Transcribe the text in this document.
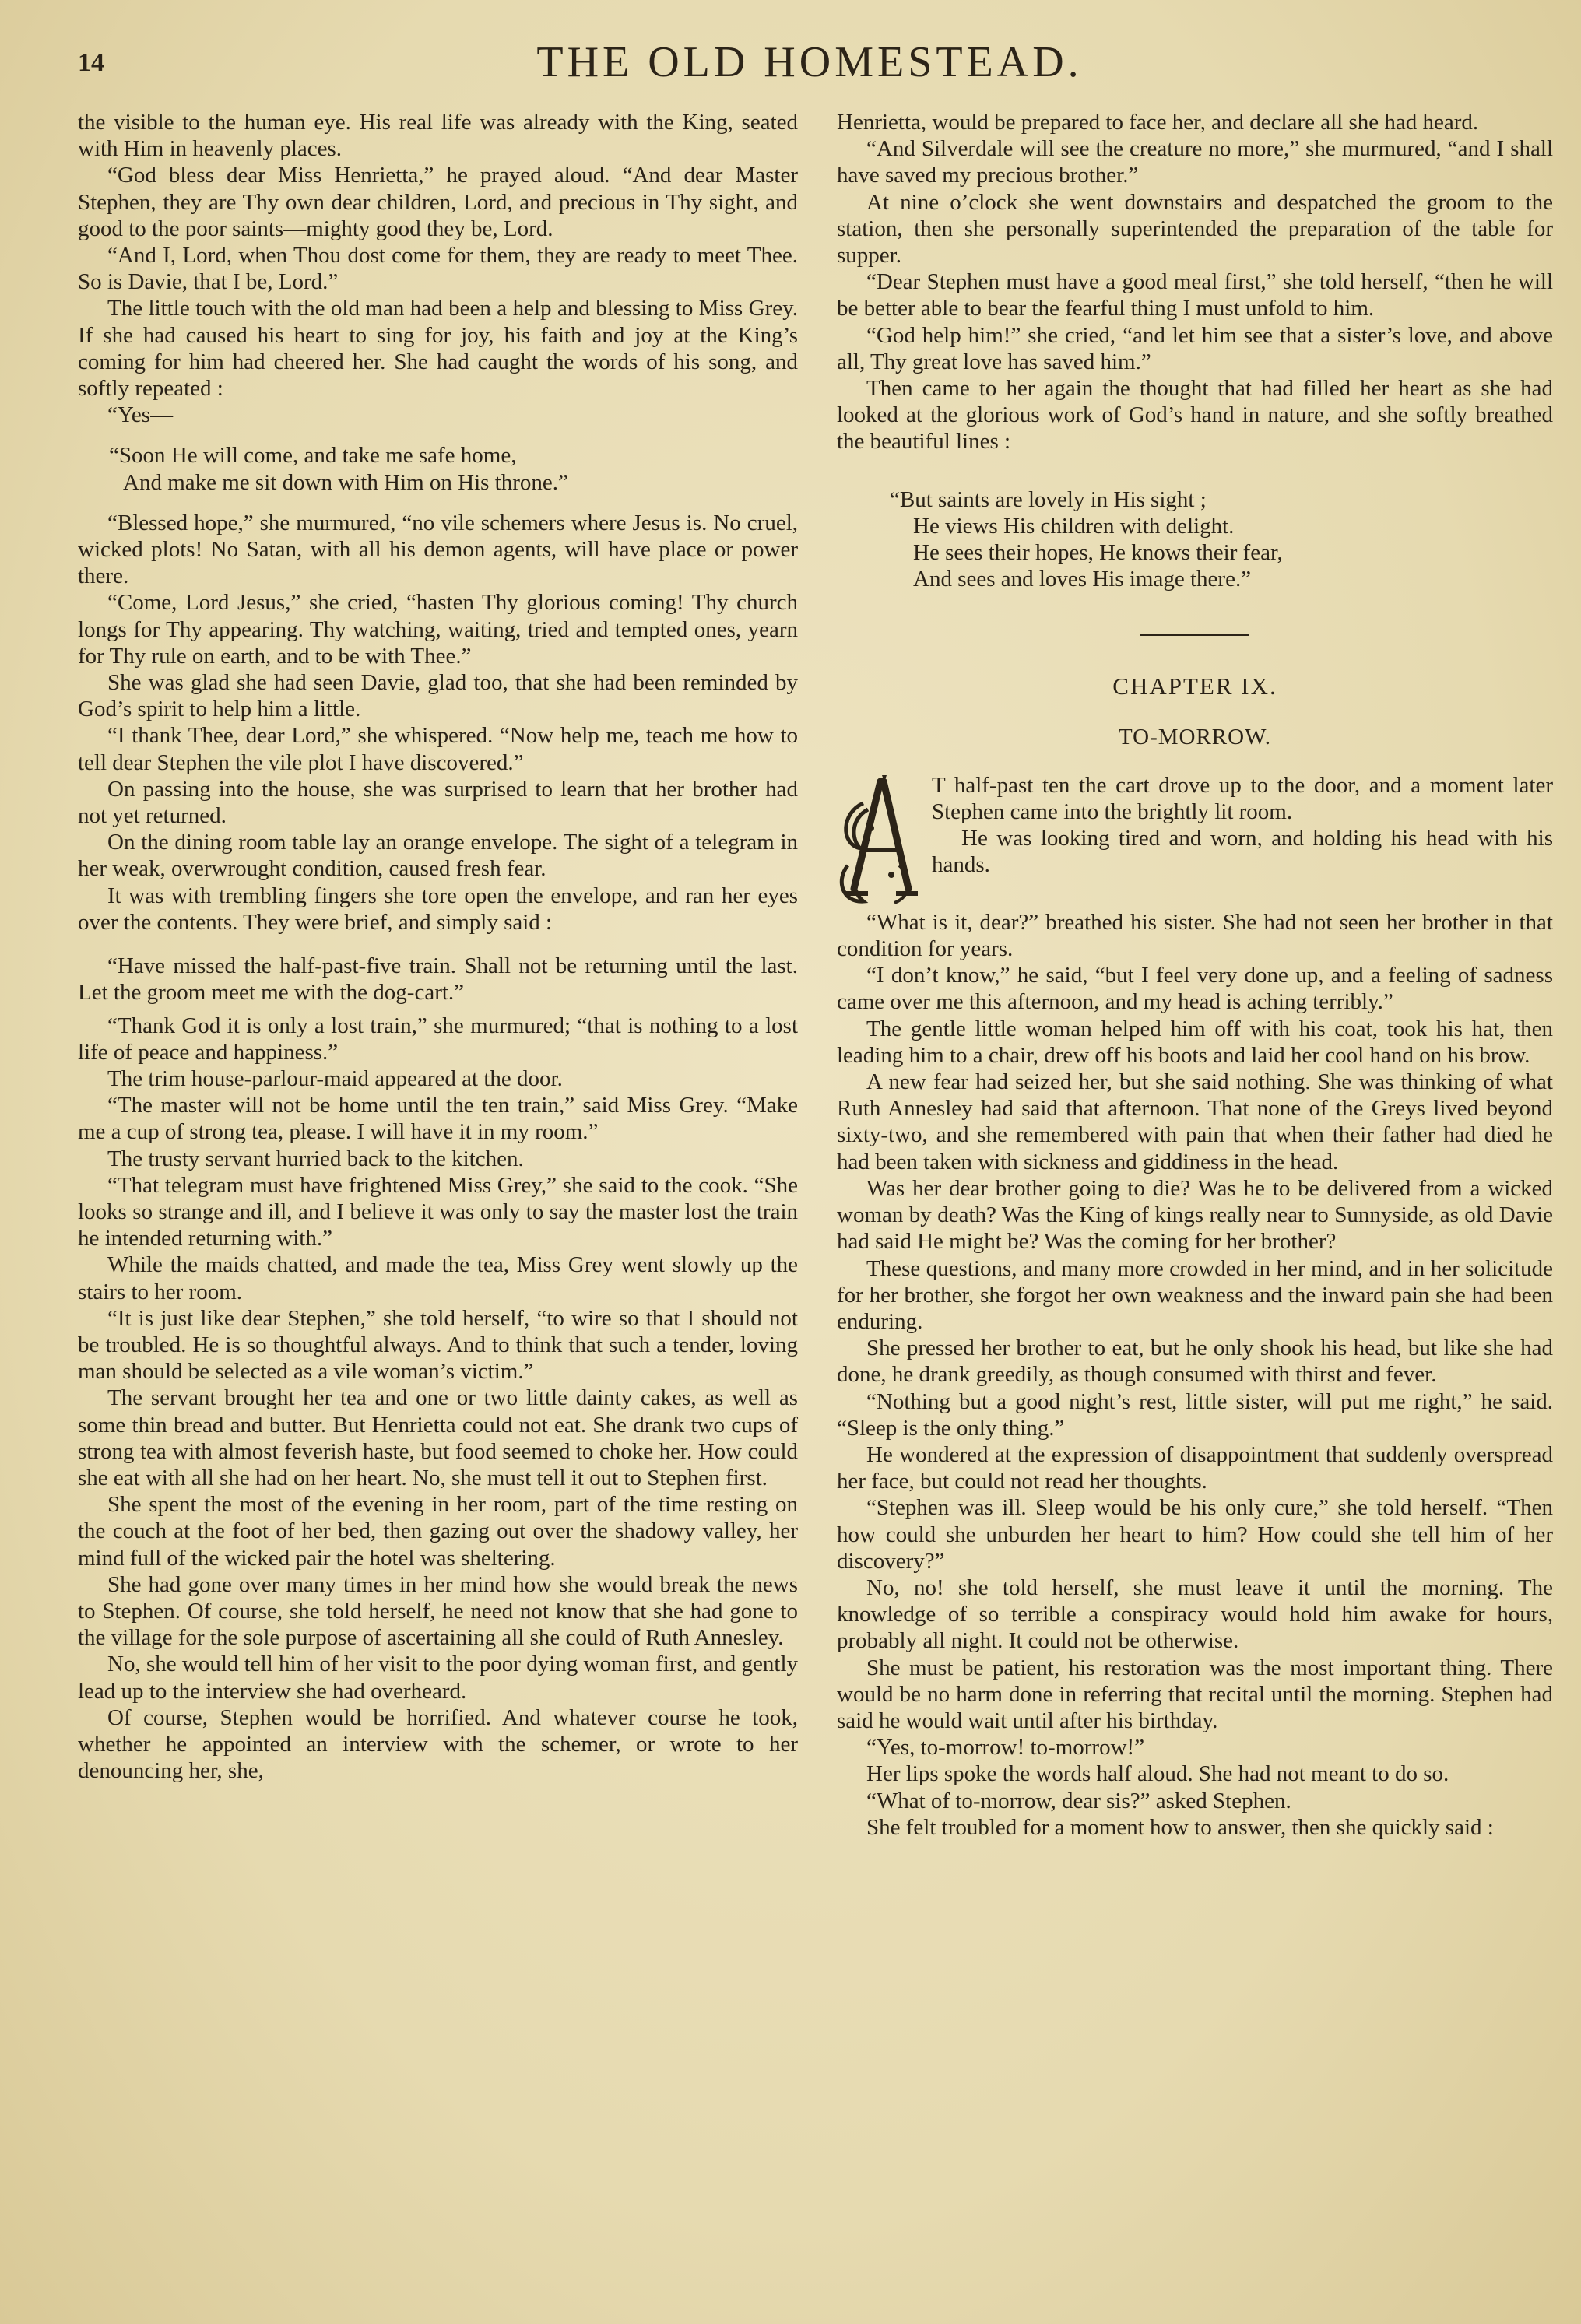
14	THE OLD HOMESTEAD.

the visible to the human eye. His real life was already with the King, seated with Him in heavenly places.

“God bless dear Miss Henrietta,” he prayed aloud. “And dear Master Stephen, they are Thy own dear children, Lord, and precious in Thy sight, and good to the poor saints—mighty good they be, Lord.

“And I, Lord, when Thou dost come for them, they are ready to meet Thee. So is Davie, that I be, Lord.”

The little touch with the old man had been a help and blessing to Miss Grey. If she had caused his heart to sing for joy, his faith and joy at the King’s coming for him had cheered her. She had caught the words of his song, and softly repeated :

“Yes—

“Soon He will come, and take me safe home,

And make me sit down with Him on His throne.”

“Blessed hope,” she murmured, “no vile schemers where Jesus is. No cruel, wicked plots! No Satan, with all his demon agents, will have place or power there.

“Come, Lord Jesus,” she cried, “hasten Thy glorious coming! Thy church longs for Thy appearing. Thy watching, waiting, tried and tempted ones, yearn for Thy rule on earth, and to be with Thee.”

She was glad she had seen Davie, glad too, that she had been reminded by God’s spirit to help him a little.

“I thank Thee, dear Lord,” she whispered. “Now help me, teach me how to tell dear Stephen the vile plot I have discovered.”

On passing into the house, she was surprised to learn that her brother had not yet returned.

On the dining room table lay an orange envelope. The sight of a telegram in her weak, overwrought condition, caused fresh fear.

It was with trembling fingers she tore open the envelope, and ran her eyes over the contents. They were brief, and simply said :

“Have missed the half-past-five train. Shall not be returning until the last. Let the groom meet me with the dog-cart.”

“Thank God it is only a lost train,” she murmured; “that is nothing to a lost life of peace and happiness.”

The trim house-parlour-maid appeared at the door.

“The master will not be home until the ten train,” said Miss Grey. “Make me a cup of strong tea, please. I will have it in my room.”

The trusty servant hurried back to the kitchen.

“That telegram must have frightened Miss Grey,” she said to the cook. “She looks so strange and ill, and I believe it was only to say the master lost the train he intended returning with.”

While the maids chatted, and made the tea, Miss Grey went slowly up the stairs to her room.

“It is just like dear Stephen,” she told herself, “to wire so that I should not be troubled. He is so thoughtful always. And to think that such a tender, loving man should be selected as a vile woman’s victim.”

The servant brought her tea and one or two little dainty cakes, as well as some thin bread and butter. But Henrietta could not eat. She drank two cups of strong tea with almost feverish haste, but food seemed to choke her. How could she eat with all she had on her heart. No, she must tell it out to Stephen first.

She spent the most of the evening in her room, part of the time resting on the couch at the foot of her bed, then gazing out over the shadowy valley, her mind full of the wicked pair the hotel was sheltering.

She had gone over many times in her mind how she would break the news to Stephen. Of course, she told herself, he need not know that she had gone to the village for the sole purpose of ascertaining all she could of Ruth Annesley.

No, she would tell him of her visit to the poor dying woman first, and gently lead up to the interview she had overheard.

Of course, Stephen would be horrified. And whatever course he took, whether he appointed an interview with the schemer, or wrote to her denouncing her, she,

Henrietta, would be prepared to face her, and declare all she had heard.

“And Silverdale will see the creature no more,” she murmured, “and I shall have saved my precious brother.”

At nine o’clock she went downstairs and despatched the groom to the station, then she personally superintended the preparation of the table for supper.

“Dear Stephen must have a good meal first,” she told herself, “then he will be better able to bear the fearful thing I must unfold to him.

“God help him!” she cried, “and let him see that a sister’s love, and above all, Thy great love has saved him.”

Then came to her again the thought that had filled her heart as she had looked at the glorious work of God’s hand in nature, and she softly breathed the beautiful lines :

“But saints are lovely in His sight ;

He views His children with delight.

He sees their hopes, He knows their fear,

And sees and loves His image there.”

CHAPTER IX.

TO-MORROW.

T half-past ten the cart drove up to the door, and a moment later Stephen came into the brightly lit room.

He was looking tired and worn, and holding his head with his hands.

“What is it, dear?” breathed his sister. She had not seen her brother in that condition for years.

“I don’t know,” he said, “but I feel very done up, and a feeling of sadness came over me this afternoon, and my head is aching terribly.”

The gentle little woman helped him off with his coat, took his hat, then leading him to a chair, drew off his boots and laid her cool hand on his brow.

A new fear had seized her, but she said nothing. She was thinking of what Ruth Annesley had said that afternoon. That none of the Greys lived beyond sixty-two, and she remembered with pain that when their father had died he had been taken with sickness and giddiness in the head.

Was her dear brother going to die? Was he to be delivered from a wicked woman by death? Was the King of kings really near to Sunnyside, as old Davie had said He might be? Was the coming for her brother?

These questions, and many more crowded in her mind, and in her solicitude for her brother, she forgot her own weakness and the inward pain she had been enduring.

She pressed her brother to eat, but he only shook his head, but like she had done, he drank greedily, as though consumed with thirst and fever.

“Nothing but a good night’s rest, little sister, will put me right,” he said. “Sleep is the only thing.”

He wondered at the expression of disappointment that suddenly overspread her face, but could not read her thoughts.

“Stephen was ill. Sleep would be his only cure,” she told herself. “Then how could she unburden her heart to him? How could she tell him of her discovery?”

No, no! she told herself, she must leave it until the morning. The knowledge of so terrible a conspiracy would hold him awake for hours, probably all night. It could not be otherwise.

She must be patient, his restoration was the most important thing. There would be no harm done in referring that recital until the morning. Stephen had said he would wait until after his birthday.

“Yes, to-morrow! to-morrow!”

Her lips spoke the words half aloud. She had not meant to do so.

“What of to-morrow, dear sis?” asked Stephen.

She felt troubled for a moment how to answer, then she quickly said :
